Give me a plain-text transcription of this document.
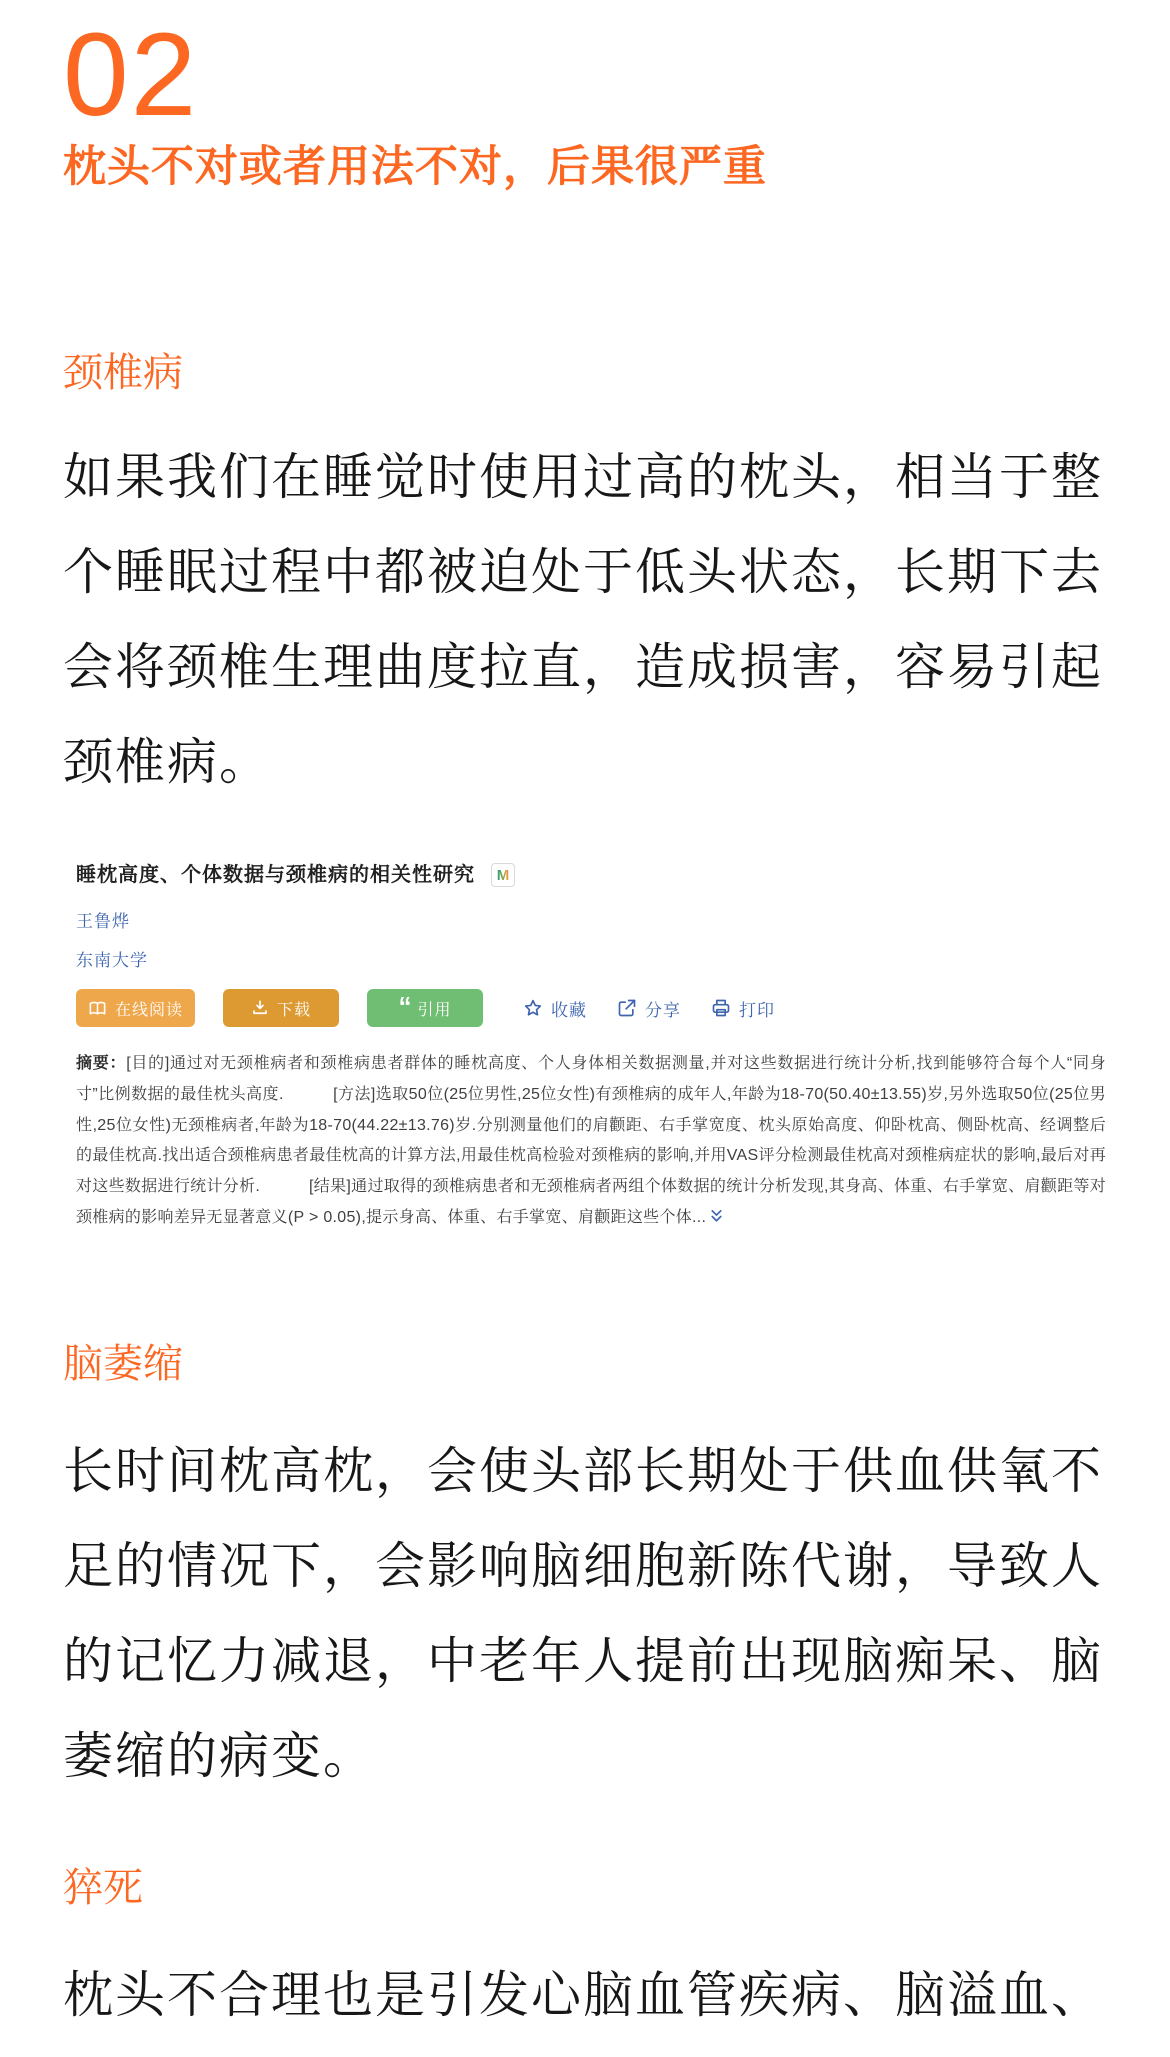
02
枕头不对或者用法不对，后果很严重
颈椎病

如果我们在睡觉时使用过高的枕头，相当于整个睡眠过程中都被迫处于低头状态，长期下去会将颈椎生理曲度拉直，造成损害，容易引起颈椎病。

睡枕高度、个体数据与颈椎病的相关性研究	M
王鲁烨
东南大学
在线阅读	下载	“ 引用	收藏	分享	打印

摘要：[目的]通过对无颈椎病者和颈椎病患者群体的睡枕高度、个人身体相关数据测量,并对这些数据进行统计分析,找到能够符合每个人“同身寸”比例数据的最佳枕头高度.　　　[方法]选取50位(25位男性,25位女性)有颈椎病的成年人,年龄为18-70(50.40±13.55)岁,另外选取50位(25位男性,25位女性)无颈椎病者,年龄为18-70(44.22±13.76)岁.分别测量他们的肩颧距、右手掌宽度、枕头原始高度、仰卧枕高、侧卧枕高、经调整后的最佳枕高.找出适合颈椎病患者最佳枕高的计算方法,用最佳枕高检验对颈椎病的影响,并用VAS评分检测最佳枕高对颈椎病症状的影响,最后对再对这些数据进行统计分析.　　　[结果]通过取得的颈椎病患者和无颈椎病者两组个体数据的统计分析发现,其身高、体重、右手掌宽、肩颧距等对颈椎病的影响差异无显著意义(P > 0.05),提示身高、体重、右手掌宽、肩颧距这些个体...

脑萎缩

长时间枕高枕，会使头部长期处于供血供氧不足的情况下，会影响脑细胞新陈代谢，导致人的记忆力减退，中老年人提前出现脑痴呆、脑萎缩的病变。

猝死

枕头不合理也是引发心脑血管疾病、脑溢血、
